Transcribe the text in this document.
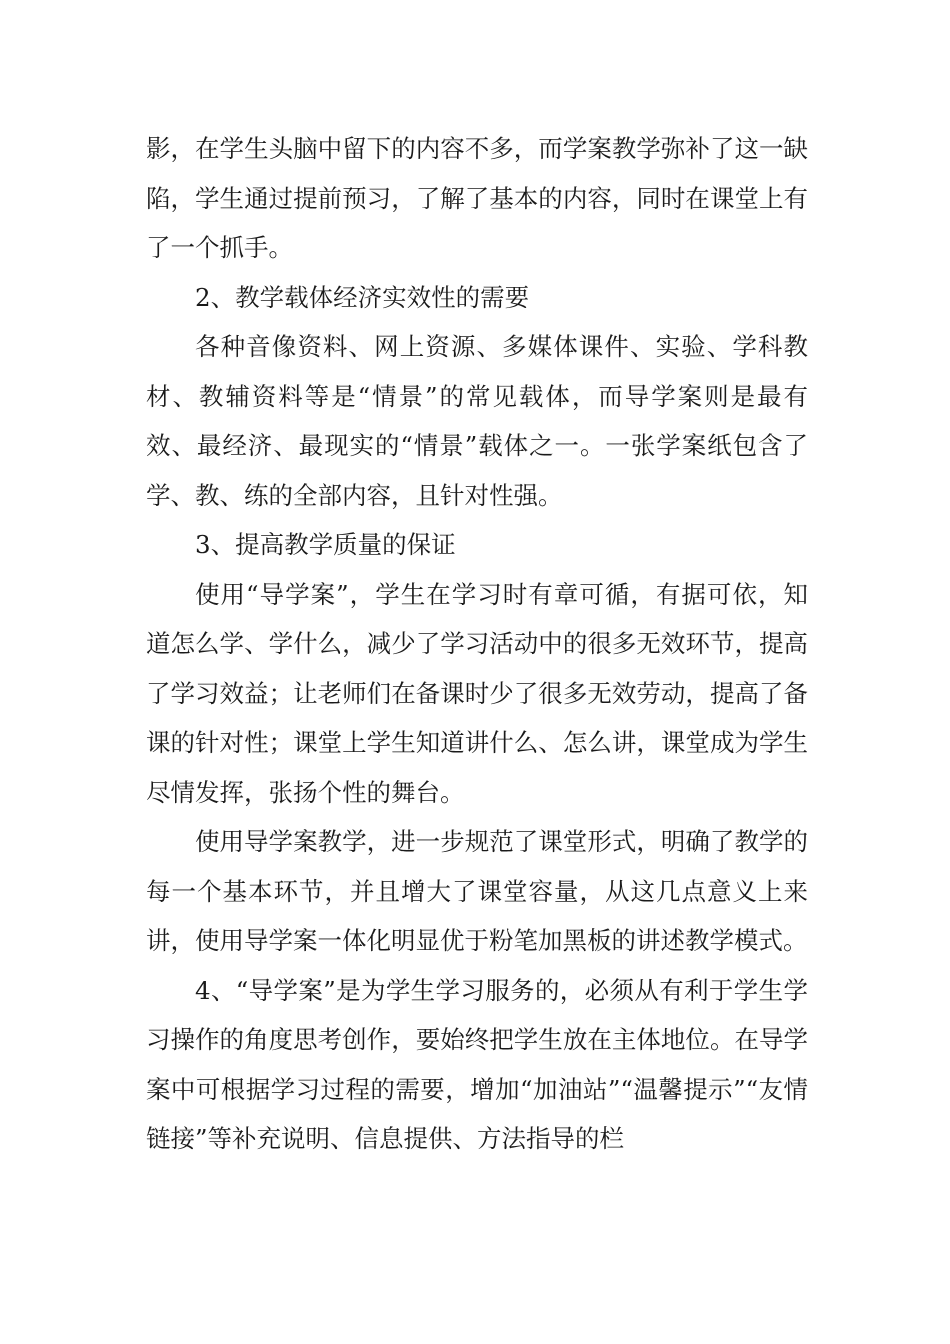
影，在学生头脑中留下的内容不多，而学案教学弥补了这一缺陷，学生通过提前预习，了解了基本的内容，同时在课堂上有了一个抓手。

2、教学载体经济实效性的需要

各种音像资料、网上资源、多媒体课件、实验、学科教材、教辅资料等是“情景”的常见载体，而导学案则是最有效、最经济、最现实的“情景”载体之一。一张学案纸包含了学、教、练的全部内容，且针对性强。

3、提高教学质量的保证

使用“导学案”，学生在学习时有章可循，有据可依，知道怎么学、学什么，减少了学习活动中的很多无效环节，提高了学习效益；让老师们在备课时少了很多无效劳动，提高了备课的针对性；课堂上学生知道讲什么、怎么讲，课堂成为学生尽情发挥，张扬个性的舞台。

使用导学案教学，进一步规范了课堂形式，明确了教学的每一个基本环节，并且增大了课堂容量，从这几点意义上来讲，使用导学案一体化明显优于粉笔加黑板的讲述教学模式。

4、“导学案”是为学生学习服务的，必须从有利于学生学习操作的角度思考创作，要始终把学生放在主体地位。在导学案中可根据学习过程的需要，增加“加油站”“温馨提示”“友情链接”等补充说明、信息提供、方法指导的栏
